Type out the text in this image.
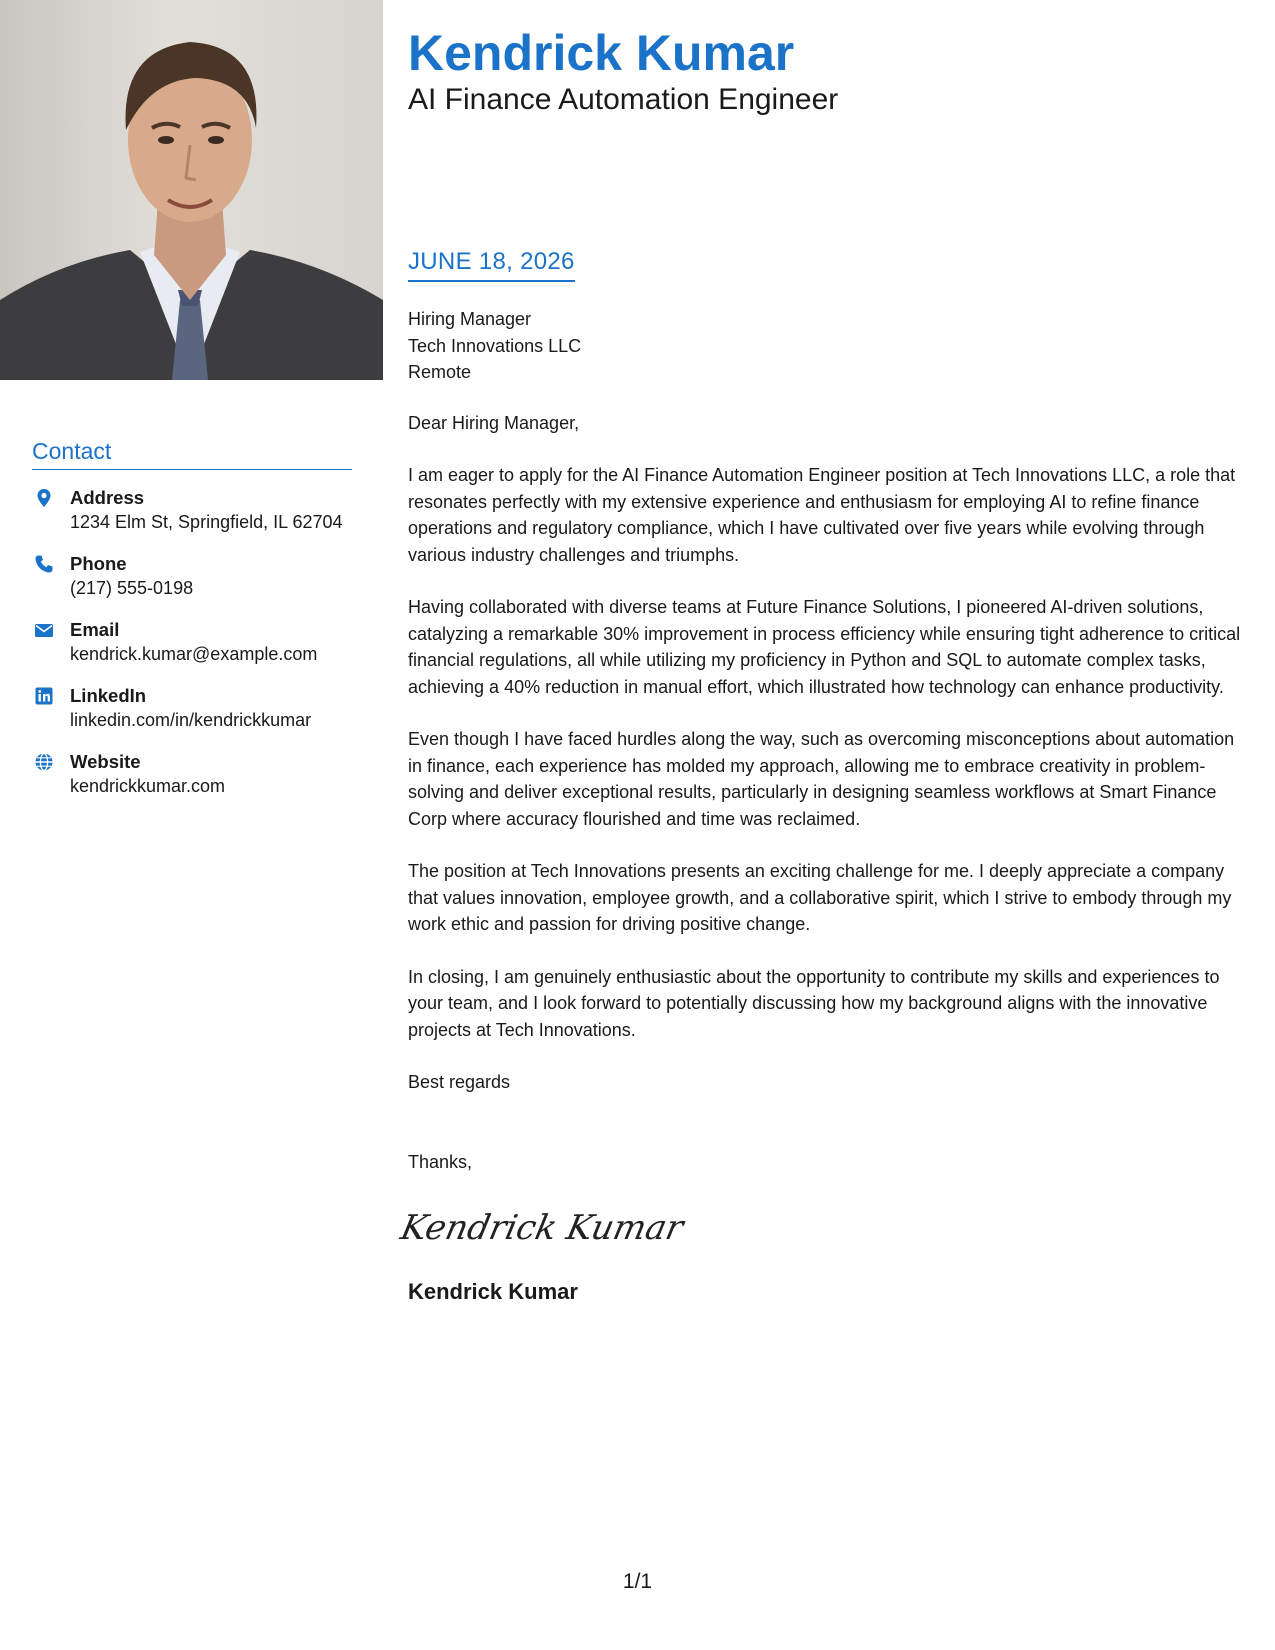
Contact
Address
1234 Elm St, Springfield, IL 62704
Phone
(217) 555-0198
Email
kendrick.kumar@example.com
LinkedIn
linkedin.com/in/kendrickkumar
Website
kendrickkumar.com
Kendrick Kumar
AI Finance Automation Engineer
JUNE 18, 2026
Hiring Manager
Tech Innovations LLC
Remote

Dear Hiring Manager,

I am eager to apply for the AI Finance Automation Engineer position at Tech Innovations LLC, a role that resonates perfectly with my extensive experience and enthusiasm for employing AI to refine finance operations and regulatory compliance, which I have cultivated over five years while evolving through various industry challenges and triumphs.

Having collaborated with diverse teams at Future Finance Solutions, I pioneered AI-driven solutions, catalyzing a remarkable 30% improvement in process efficiency while ensuring tight adherence to critical financial regulations, all while utilizing my proficiency in Python and SQL to automate complex tasks, achieving a 40% reduction in manual effort, which illustrated how technology can enhance productivity.

Even though I have faced hurdles along the way, such as overcoming misconceptions about automation in finance, each experience has molded my approach, allowing me to embrace creativity in problem-solving and deliver exceptional results, particularly in designing seamless workflows at Smart Finance Corp where accuracy flourished and time was reclaimed.

The position at Tech Innovations presents an exciting challenge for me. I deeply appreciate a company that values innovation, employee growth, and a collaborative spirit, which I strive to embody through my work ethic and passion for driving positive change.

In closing, I am genuinely enthusiastic about the opportunity to contribute my skills and experiences to your team, and I look forward to potentially discussing how my background aligns with the innovative projects at Tech Innovations.

Best regards

Thanks,

Kendrick Kumar
Kendrick Kumar
1/1
